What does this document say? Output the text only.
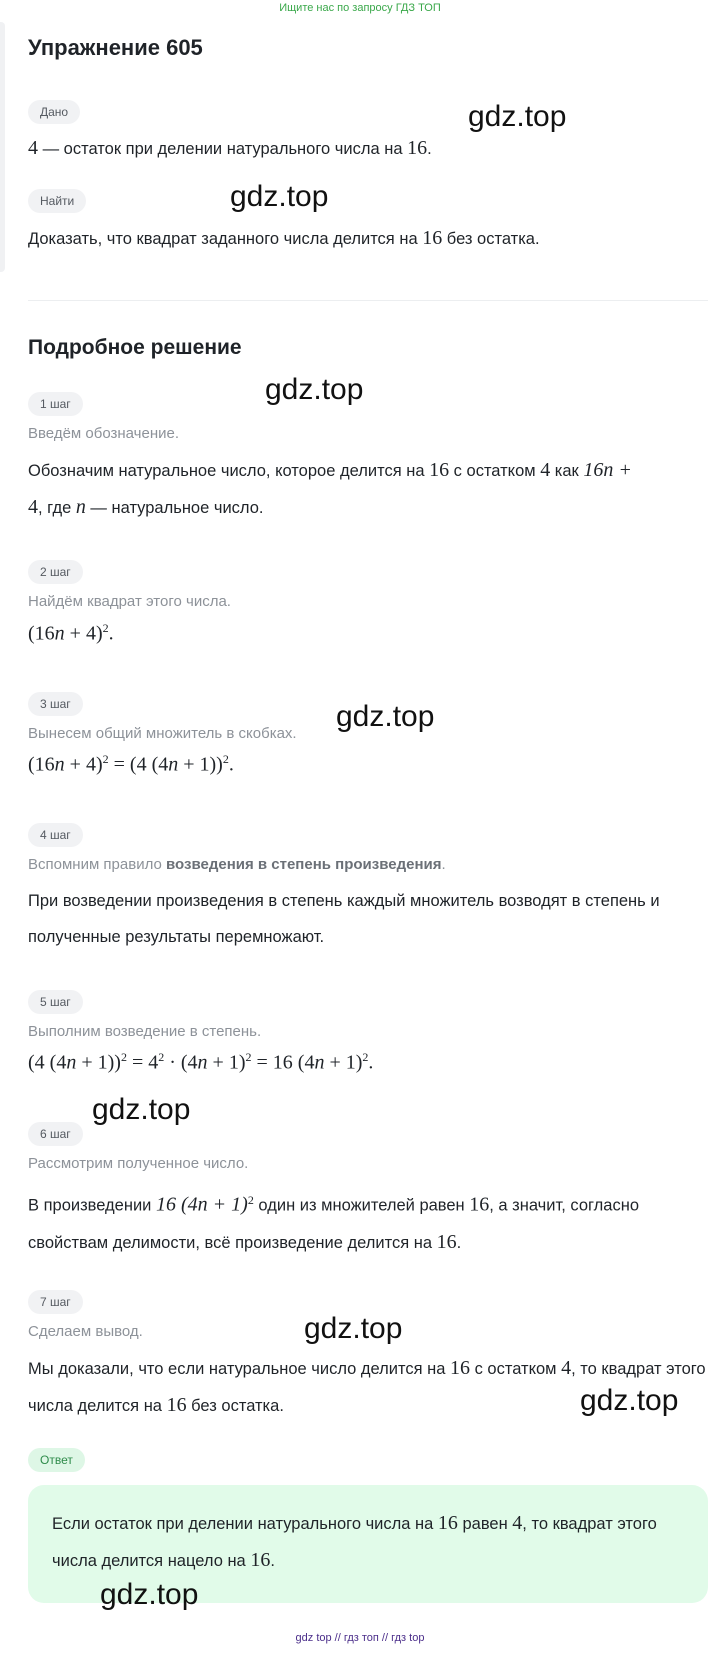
Ищите нас по запросу ГДЗ ТОП
Упражнение 605
Дано
4 — остаток при делении натурального числа на 16.
Найти
Доказать, что квадрат заданного числа делится на 16 без остатка.
Подробное решение
1 шаг
Введём обозначение.
Обозначим натуральное число, которое делится на 16 с остатком 4 как 16n +
4, где n — натуральное число.
2 шаг
Найдём квадрат этого числа.
$(16n + 4)^2$.
3 шаг
Вынесем общий множитель в скобках.
$(16n + 4)^2 = (4$ (4n + 1))$^2$.
4 шаг
Вспомним правило возведения в степень произведения.
При возведении произведения в степень каждый множитель возводят в степень и полученные результаты перемножают.
5 шаг
Выполним возведение в степень.
(4 $(4n + 1))^2 = 4^2 \cdot (4n + 1)^2 = 16$ $(4n + 1)^2$.
6 шаг
Рассмотрим полученное число.
В произведении 16 $(4n + 1)^2$ один из множителей равен 16, а значит, согласно свойствам делимости, всё произведение делится на 16.
7 шаг
Сделаем вывод.
Мы доказали, что если натуральное число делится на 16 с остатком 4, то квадрат этого числа делится на 16 без остатка.
Ответ
Если остаток при делении натурального числа на 16 равен 4, то квадрат этого числа делится нацело на 16.
gdz.top
gdz.top
gdz.top
gdz.top
gdz.top
gdz.top
gdz.top
gdz.top
gdz top // гдз топ // гдз top
